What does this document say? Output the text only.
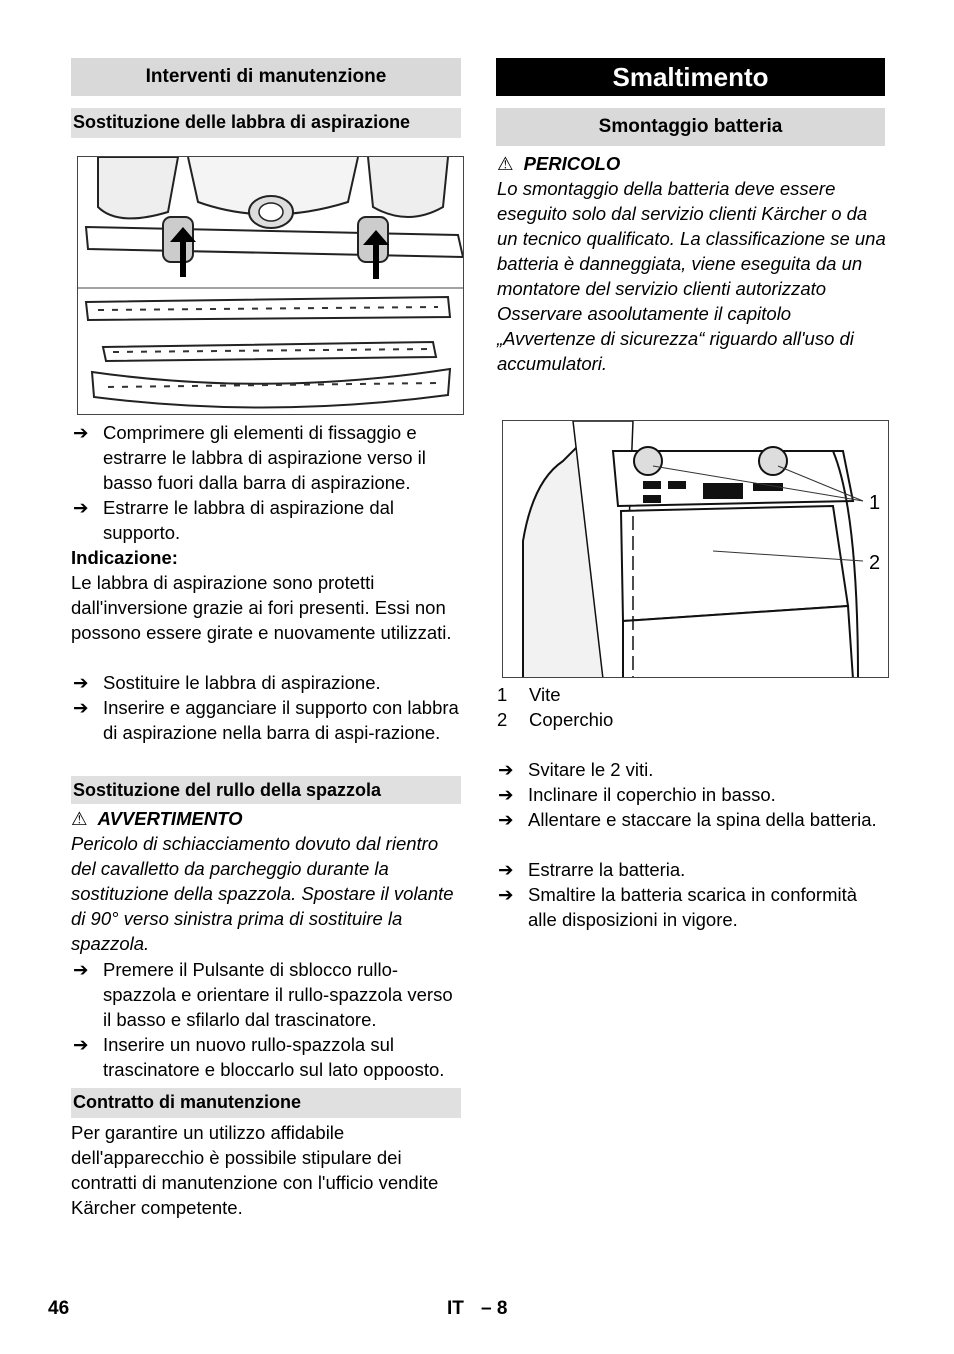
Interventi di manutenzione
Sostituzione delle labbra di aspirazione
➔ Comprimere gli elementi di fissaggio e estrarre le labbra di aspirazione verso il basso fuori dalla barra di aspirazione.
➔ Estrarre le labbra di aspirazione dal supporto.
Indicazione:
Le labbra di aspirazione sono protetti dall'inversione grazie ai fori presenti. Essi non possono essere girate e nuovamente utilizzati.
➔ Sostituire le labbra di aspirazione.
➔ Inserire e agganciare il supporto con labbra di aspirazione nella barra di aspi-razione.
Sostituzione del rullo della spazzola
⚠ AVVERTIMENTO
Pericolo di schiacciamento dovuto dal rientro del cavalletto da parcheggio durante la sostituzione della spazzola. Spostare il volante di 90° verso sinistra prima di sostituire la spazzola.
➔ Premere il Pulsante di sblocco rullo-spazzola e orientare il rullo-spazzola verso il basso e sfilarlo dal trascinatore.
➔ Inserire un nuovo rullo-spazzola sul trascinatore e bloccarlo sul lato oppoosto.
Contratto di manutenzione
Per garantire un utilizzo affidabile dell'apparecchio è possibile stipulare dei contratti di manutenzione con l'ufficio vendite Kärcher competente.
Smaltimento
Smontaggio batteria
⚠ PERICOLO
Lo smontaggio della batteria deve essere eseguito solo dal servizio clienti Kärcher o da un tecnico qualificato. La classificazione se una batteria è danneggiata, viene eseguita da un montatore del servizio clienti autorizzato Osservare asoolutamente il capitolo „Avvertenze di sicurezza“ riguardo all'uso di accumulatori.
1
2
1 Vite
2 Coperchio
➔ Svitare le 2 viti.
➔ Inclinare il coperchio in basso.
➔ Allentare e staccare la spina della batteria.
➔ Estrarre la batteria.
➔ Smaltire la batteria scarica in conformità alle disposizioni in vigore.
46	IT – 8
